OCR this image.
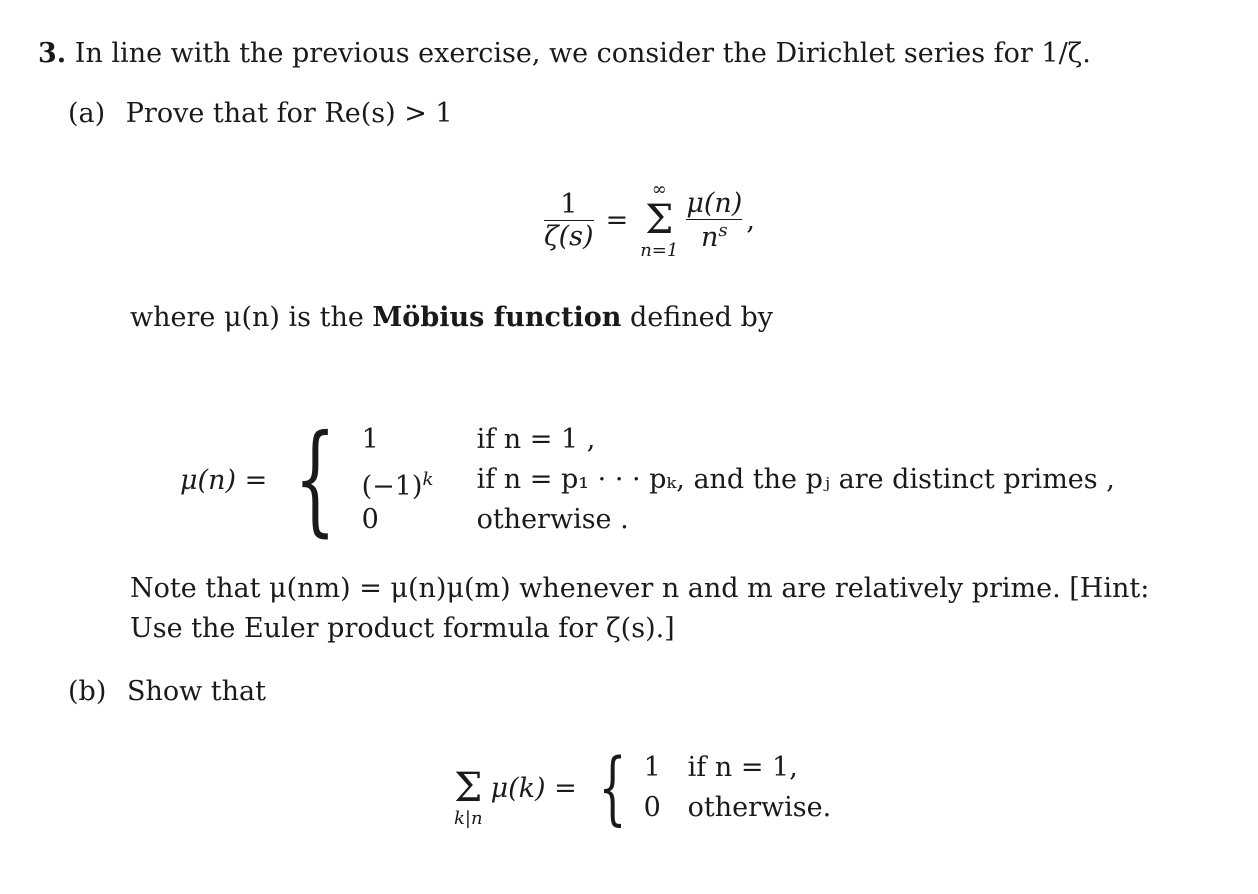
3. In line with the previous exercise, we consider the Dirichlet series for 1/ζ.
(a) Prove that for Re(s) > 1
$\frac{1}{\zeta(s)}$ =
∞
Σ
$n=1 \frac{\mu(n)}{n^s}$ ,
where μ(n) is the Möbius function defined by
μ(n) = { 1
$(-1)^k$
0
if n = 1 ,
if n = p₁ · · · pₖ, and the pⱼ are distinct primes ,
otherwise .
Note that μ(nm) = μ(n)μ(m) whenever n and m are relatively prime. [Hint:
Use the Euler product formula for ζ(s).]
(b) Show that
Σ
k|n
μ(k) = { 1
0
if n = 1,
otherwise.
